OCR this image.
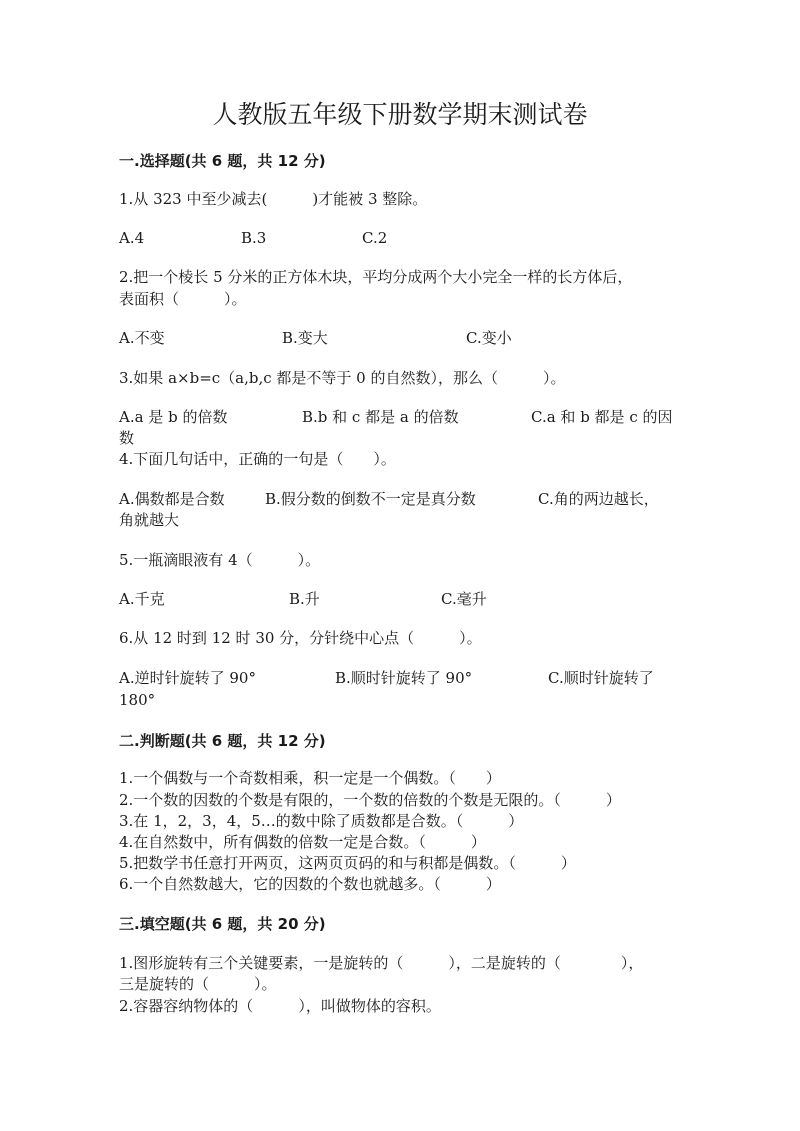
人教版五年级下册数学期末测试卷
一.选择题(共 6 题，共 12 分)
1.从 323 中至少减去(　　　)才能被 3 整除。
A.4	B.3	C.2
2.把一个棱长 5 分米的正方体木块，平均分成两个大小完全一样的长方体后，
表面积（　　　）。
A.不变	B.变大	C.变小
3.如果 a×b=c（a,b,c 都是不等于 0 的自然数），那么（　　　）。
A.a 是 b 的倍数	B.b 和 c 都是 a 的倍数	C.a 和 b 都是 c 的因
数
4.下面几句话中，正确的一句是（　　）。
A.偶数都是合数	B.假分数的倒数不一定是真分数	C.角的两边越长，
角就越大
5.一瓶滴眼液有 4（　　　）。
A.千克	B.升	C.毫升
6.从 12 时到 12 时 30 分，分针绕中心点（　　　）。
A.逆时针旋转了 90°	B.顺时针旋转了 90°	C.顺时针旋转了
180°
二.判断题(共 6 题，共 12 分)
1.一个偶数与一个奇数相乘，积一定是一个偶数。（　　）
2.一个数的因数的个数是有限的，一个数的倍数的个数是无限的。（　　　）
3.在 1，2，3，4，5…的数中除了质数都是合数。（　　　）
4.在自然数中，所有偶数的倍数一定是合数。（　　　）
5.把数学书任意打开两页，这两页页码的和与积都是偶数。（　　　）
6.一个自然数越大，它的因数的个数也就越多。（　　　）
三.填空题(共 6 题，共 20 分)
1.图形旋转有三个关键要素，一是旋转的（　　　），二是旋转的（　　　　），
三是旋转的（　　　）。
2.容器容纳物体的（　　　），叫做物体的容积。
